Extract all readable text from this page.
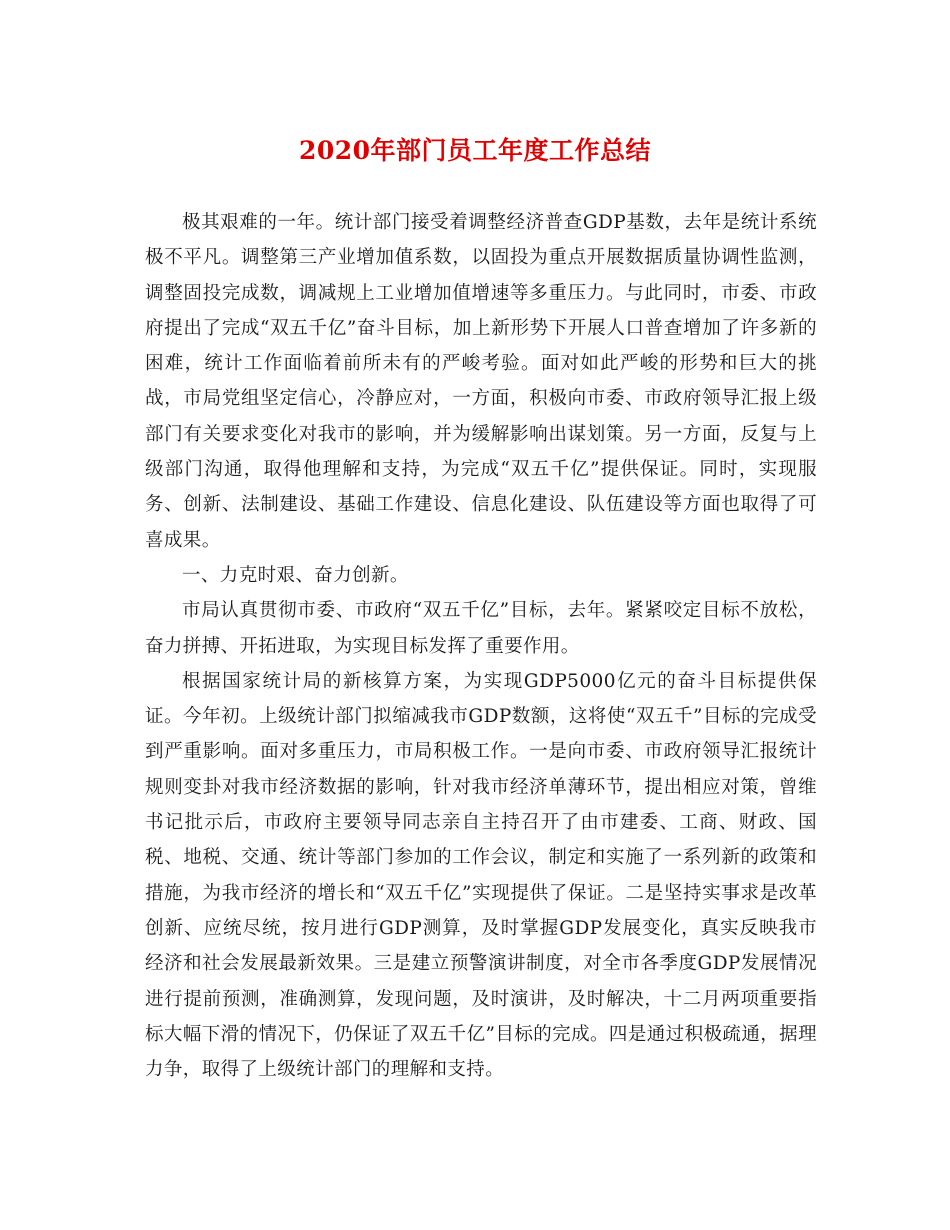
2020年部门员工年度工作总结

极其艰难的一年。统计部门接受着调整经济普查GDP基数，去年是统计系统极不平凡。调整第三产业增加值系数，以固投为重点开展数据质量协调性监测，调整固投完成数，调减规上工业增加值增速等多重压力。与此同时，市委、市政府提出了完成“双五千亿”奋斗目标，加上新形势下开展人口普查增加了许多新的困难，统计工作面临着前所未有的严峻考验。面对如此严峻的形势和巨大的挑战，市局党组坚定信心，冷静应对，一方面，积极向市委、市政府领导汇报上级部门有关要求变化对我市的影响，并为缓解影响出谋划策。另一方面，反复与上级部门沟通，取得他理解和支持，为完成“双五千亿”提供保证。同时，实现服务、创新、法制建设、基础工作建设、信息化建设、队伍建设等方面也取得了可喜成果。

一、力克时艰、奋力创新。

市局认真贯彻市委、市政府“双五千亿”目标，去年。紧紧咬定目标不放松，奋力拼搏、开拓进取，为实现目标发挥了重要作用。

根据国家统计局的新核算方案，为实现GDP5000亿元的奋斗目标提供保证。今年初。上级统计部门拟缩减我市GDP数额，这将使“双五千”目标的完成受到严重影响。面对多重压力，市局积极工作。一是向市委、市政府领导汇报统计规则变卦对我市经济数据的影响，针对我市经济单薄环节，提出相应对策，曾维书记批示后，市政府主要领导同志亲自主持召开了由市建委、工商、财政、国税、地税、交通、统计等部门参加的工作会议，制定和实施了一系列新的政策和措施，为我市经济的增长和“双五千亿”实现提供了保证。二是坚持实事求是改革创新、应统尽统，按月进行GDP测算，及时掌握GDP发展变化，真实反映我市经济和社会发展最新效果。三是建立预警演讲制度，对全市各季度GDP发展情况进行提前预测，准确测算，发现问题，及时演讲，及时解决，十二月两项重要指标大幅下滑的情况下，仍保证了双五千亿”目标的完成。四是通过积极疏通，据理力争，取得了上级统计部门的理解和支持。
